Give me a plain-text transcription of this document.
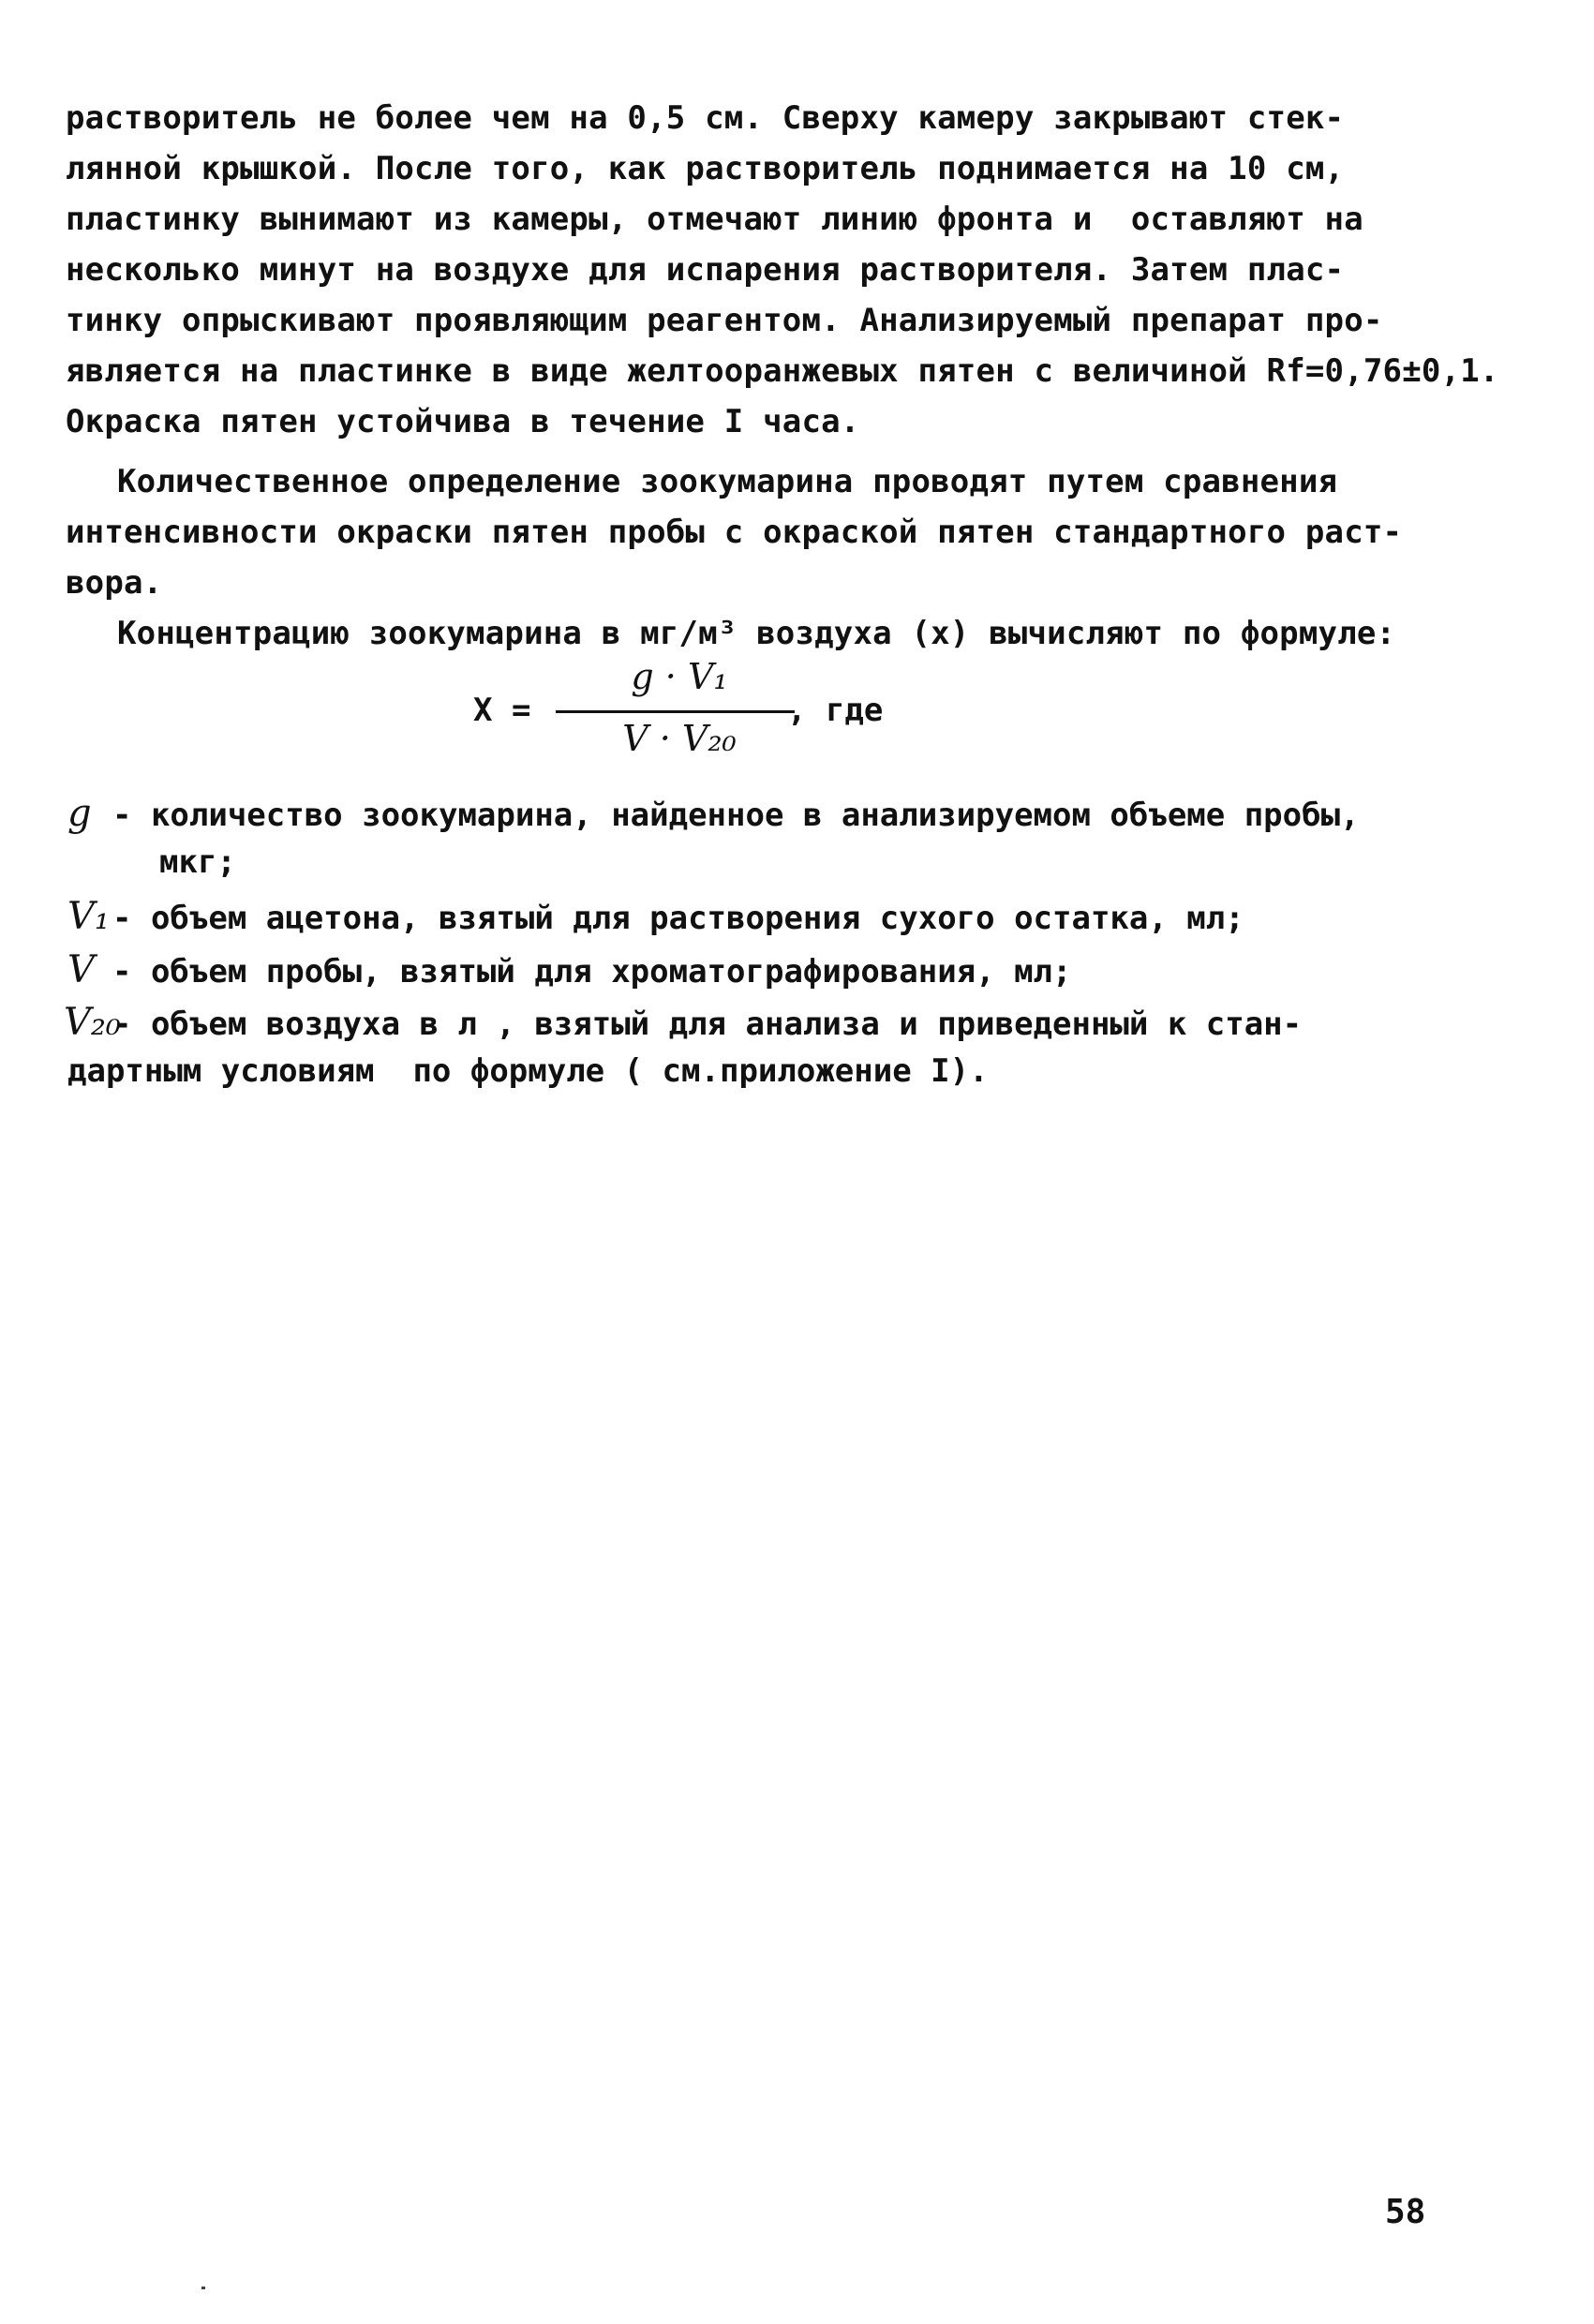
растворитель не более чем на 0,5 см. Сверху камеру закрывают стек-
лянной крышкой. После того, как растворитель поднимается на 10 см,
пластинку вынимают из камеры, отмечают линию фронта и  оставляют на
несколько минут на воздухе для испарения растворителя. Затем плас-
тинку опрыскивают проявляющим реагентом. Анализируемый препарат про-
является на пластинке в виде желтооранжевых пятен с величиной Rf=0,76±0,1.
Окраска пятен устойчива в течение I часа.
Количественное определение зоокумарина проводят путем сравнения
интенсивности окраски пятен пробы с окраской пятен стандартного раст-
вора.
Концентрацию зоокумарина в мг/м³ воздуха (х) вычисляют по формуле:
Х =
g · V₁
V · V₂₀
, где
g - количество зоокумарина, найденное в анализируемом объеме пробы,
мкг;
V₁ - объем ацетона, взятый для растворения сухого остатка, мл;
V - объем пробы, взятый для хроматографирования, мл;
V₂₀
- объем воздуха в л , взятый для анализа и приведенный к стан-
дартным условиям  по формуле ( см.приложение I).
58
